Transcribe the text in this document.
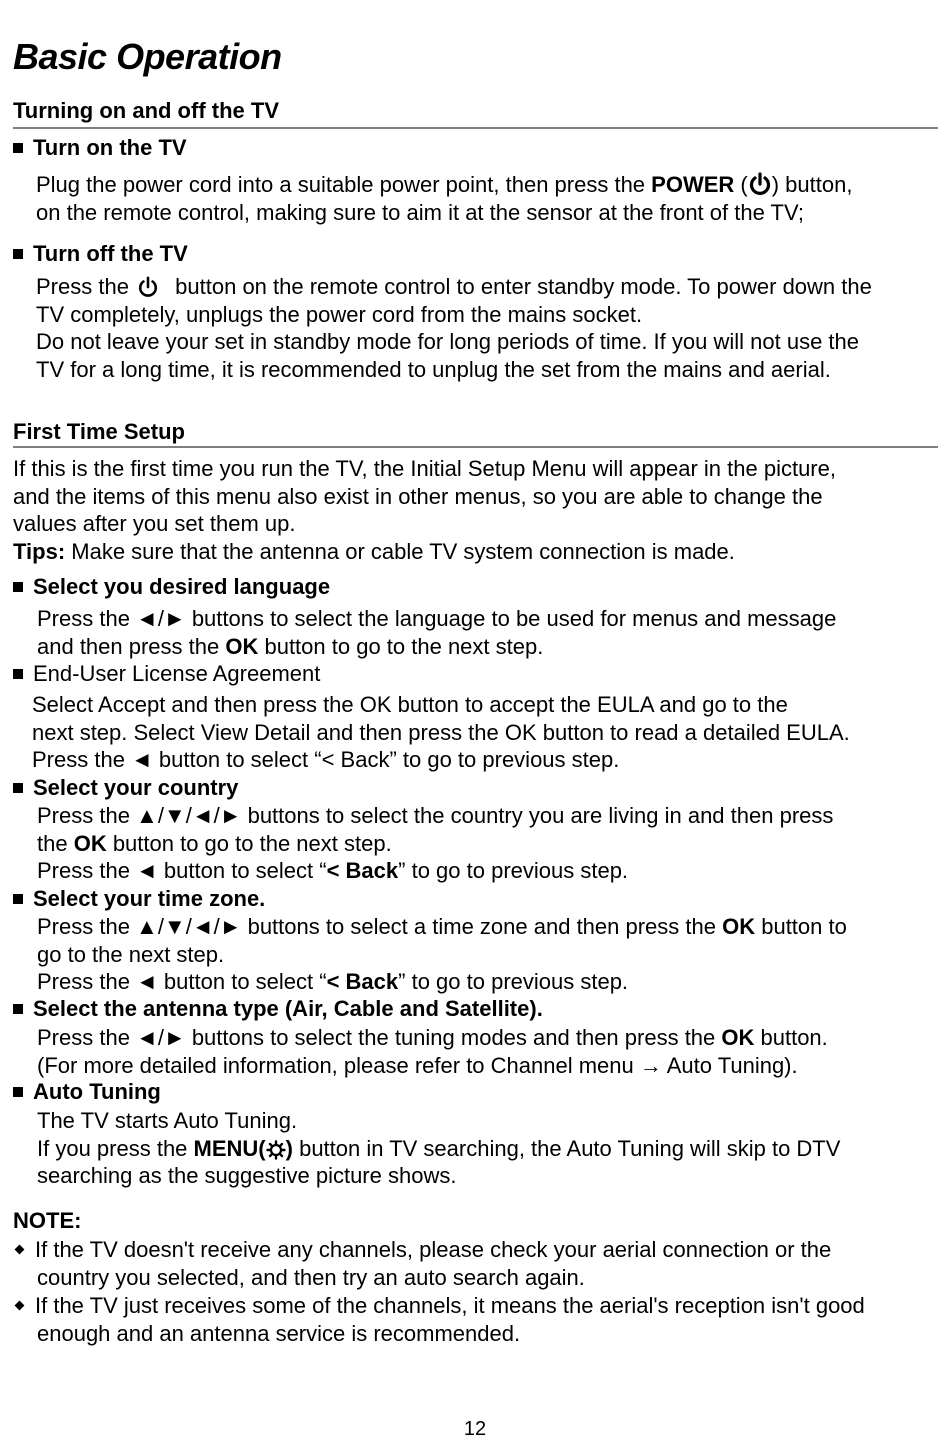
Basic Operation
Turning on and off the TV
Turn on the TV
Plug the power cord into a suitable power point, then press the POWER ( ) button,
on the remote control, making sure to aim it at the sensor at the front of the TV;
Turn off the TV
Press the  button on the remote control to enter standby mode. To power down the
TV completely, unplugs the power cord from the mains socket.
Do not leave your set in standby mode for long periods of time. If you will not use the
TV for a long time, it is recommended to unplug the set from the mains and aerial.
First Time Setup
If this is the first time you run the TV, the Initial Setup Menu will appear in the picture,
and the items of this menu also exist in other menus, so you are able to change the
values after you set them up.
Tips: Make sure that the antenna or cable TV system connection is made.
Select you desired language
Press the ◄/► buttons to select the language to be used for menus and message
and then press the OK button to go to the next step.
End-User License Agreement
Select Accept and then press the OK button to accept the EULA and go to the
next step. Select View Detail and then press the OK button to read a detailed EULA.
Press the ◄ button to select “< Back” to go to previous step.
Select your country
Press the ▲/▼/◄/► buttons to select the country you are living in and then press
the OK button to go to the next step.
Press the ◄ button to select “< Back” to go to previous step.
Select your time zone.
Press the ▲/▼/◄/► buttons to select a time zone and then press the OK button to
go to the next step.
Press the ◄ button to select “< Back” to go to previous step.
Select the antenna type (Air, Cable and Satellite).
Press the ◄/► buttons to select the tuning modes and then press the OK button.
(For more detailed information, please refer to Channel menu → Auto Tuning).
Auto Tuning
The TV starts Auto Tuning.
If you press the MENU( ) button in TV searching, the Auto Tuning will skip to DTV
searching as the suggestive picture shows.
NOTE:
If the TV doesn't receive any channels, please check your aerial connection or the
country you selected, and then try an auto search again.
If the TV just receives some of the channels, it means the aerial's reception isn't good
enough and an antenna service is recommended.
12
